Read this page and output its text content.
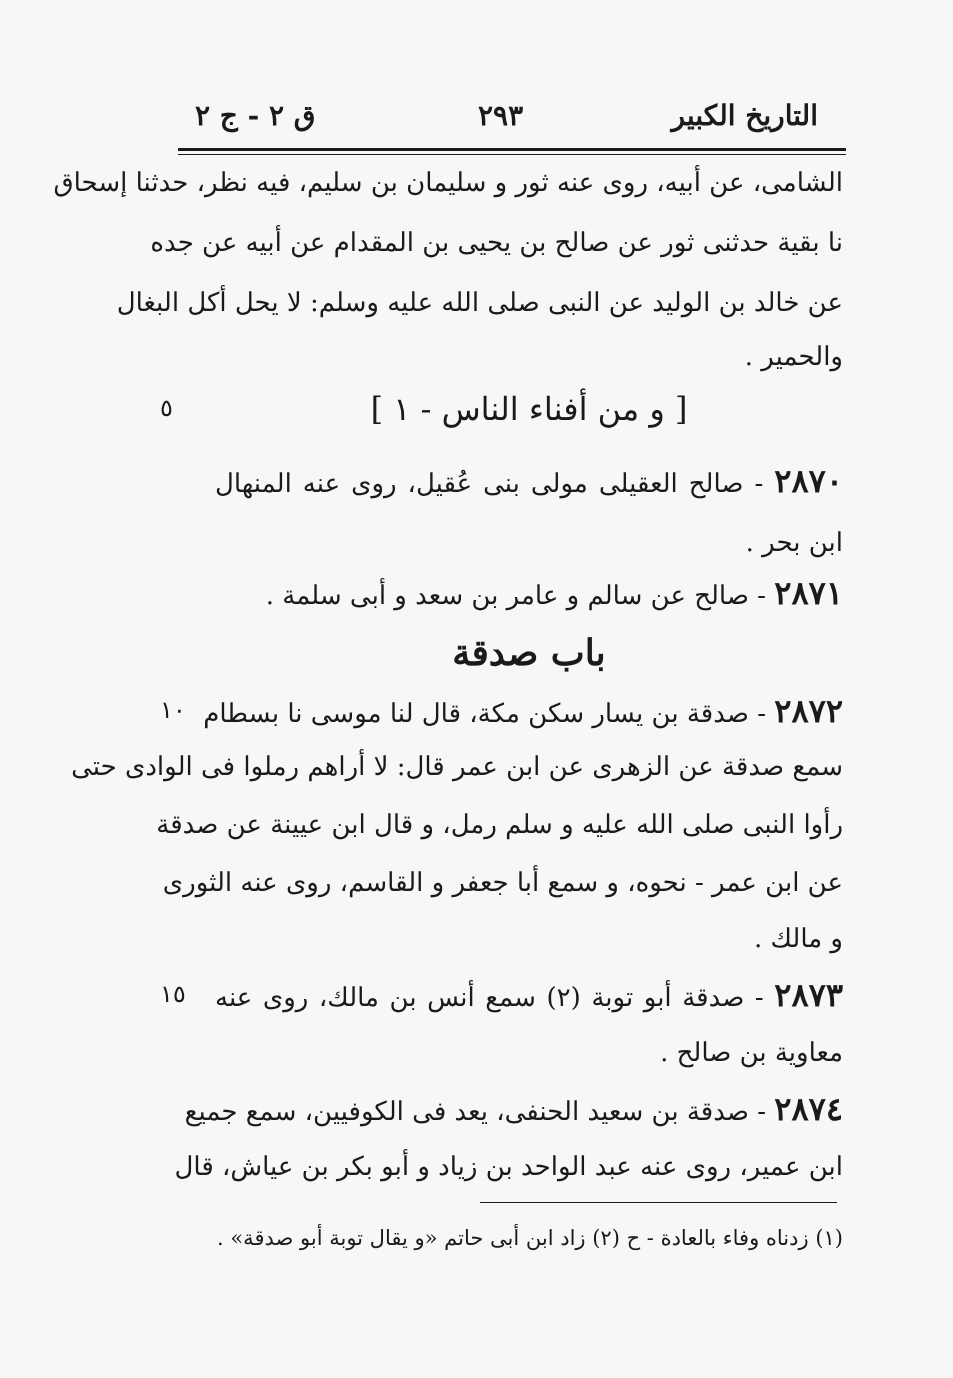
التاريخ الكبير
٢٩٣
ق ٢ - ج ٢
الشامی، عن أبيه، روى عنه ثور و سليمان بن سليم، فيه نظر، حدثنا إسحاق
نا بقية حدثنى ثور عن صالح بن يحيى بن المقدام عن أبيه عن جده
عن خالد بن الوليد عن النبى صلى الله عليه وسلم: لا يحل أكل البغال
والحمير .
[ و من أفناء الناس - ١ ]
٥
٢٨٧٠ - صالح العقيلى مولى بنى عُقيل، روى عنه المنهال
ابن بحر .
٢٨٧١ - صالح عن سالم و عامر بن سعد و أبى سلمة .
باب صدقة
٢٨٧٢ - صدقة بن يسار سكن مكة، قال لنا موسى نا بسطام
١٠
سمع صدقة عن الزهرى عن ابن عمر قال: لا أراهم رملوا فى الوادى حتى
رأوا النبى صلى الله عليه و سلم رمل، و قال ابن عيينة عن صدقة
عن ابن عمر - نحوه، و سمع أبا جعفر و القاسم، روى عنه الثورى
و مالك .
٢٨٧٣ - صدقة أبو توبة (٢) سمع أنس بن مالك، روى عنه
١٥
معاوية بن صالح .
٢٨٧٤ - صدقة بن سعيد الحنفى، يعد فى الكوفيين، سمع جميع
ابن عمير، روى عنه عبد الواحد بن زياد و أبو بكر بن عياش، قال
(١) زدناه وفاء بالعادة - ح (٢) زاد ابن أبى حاتم «و يقال توبة أبو صدقة» .
